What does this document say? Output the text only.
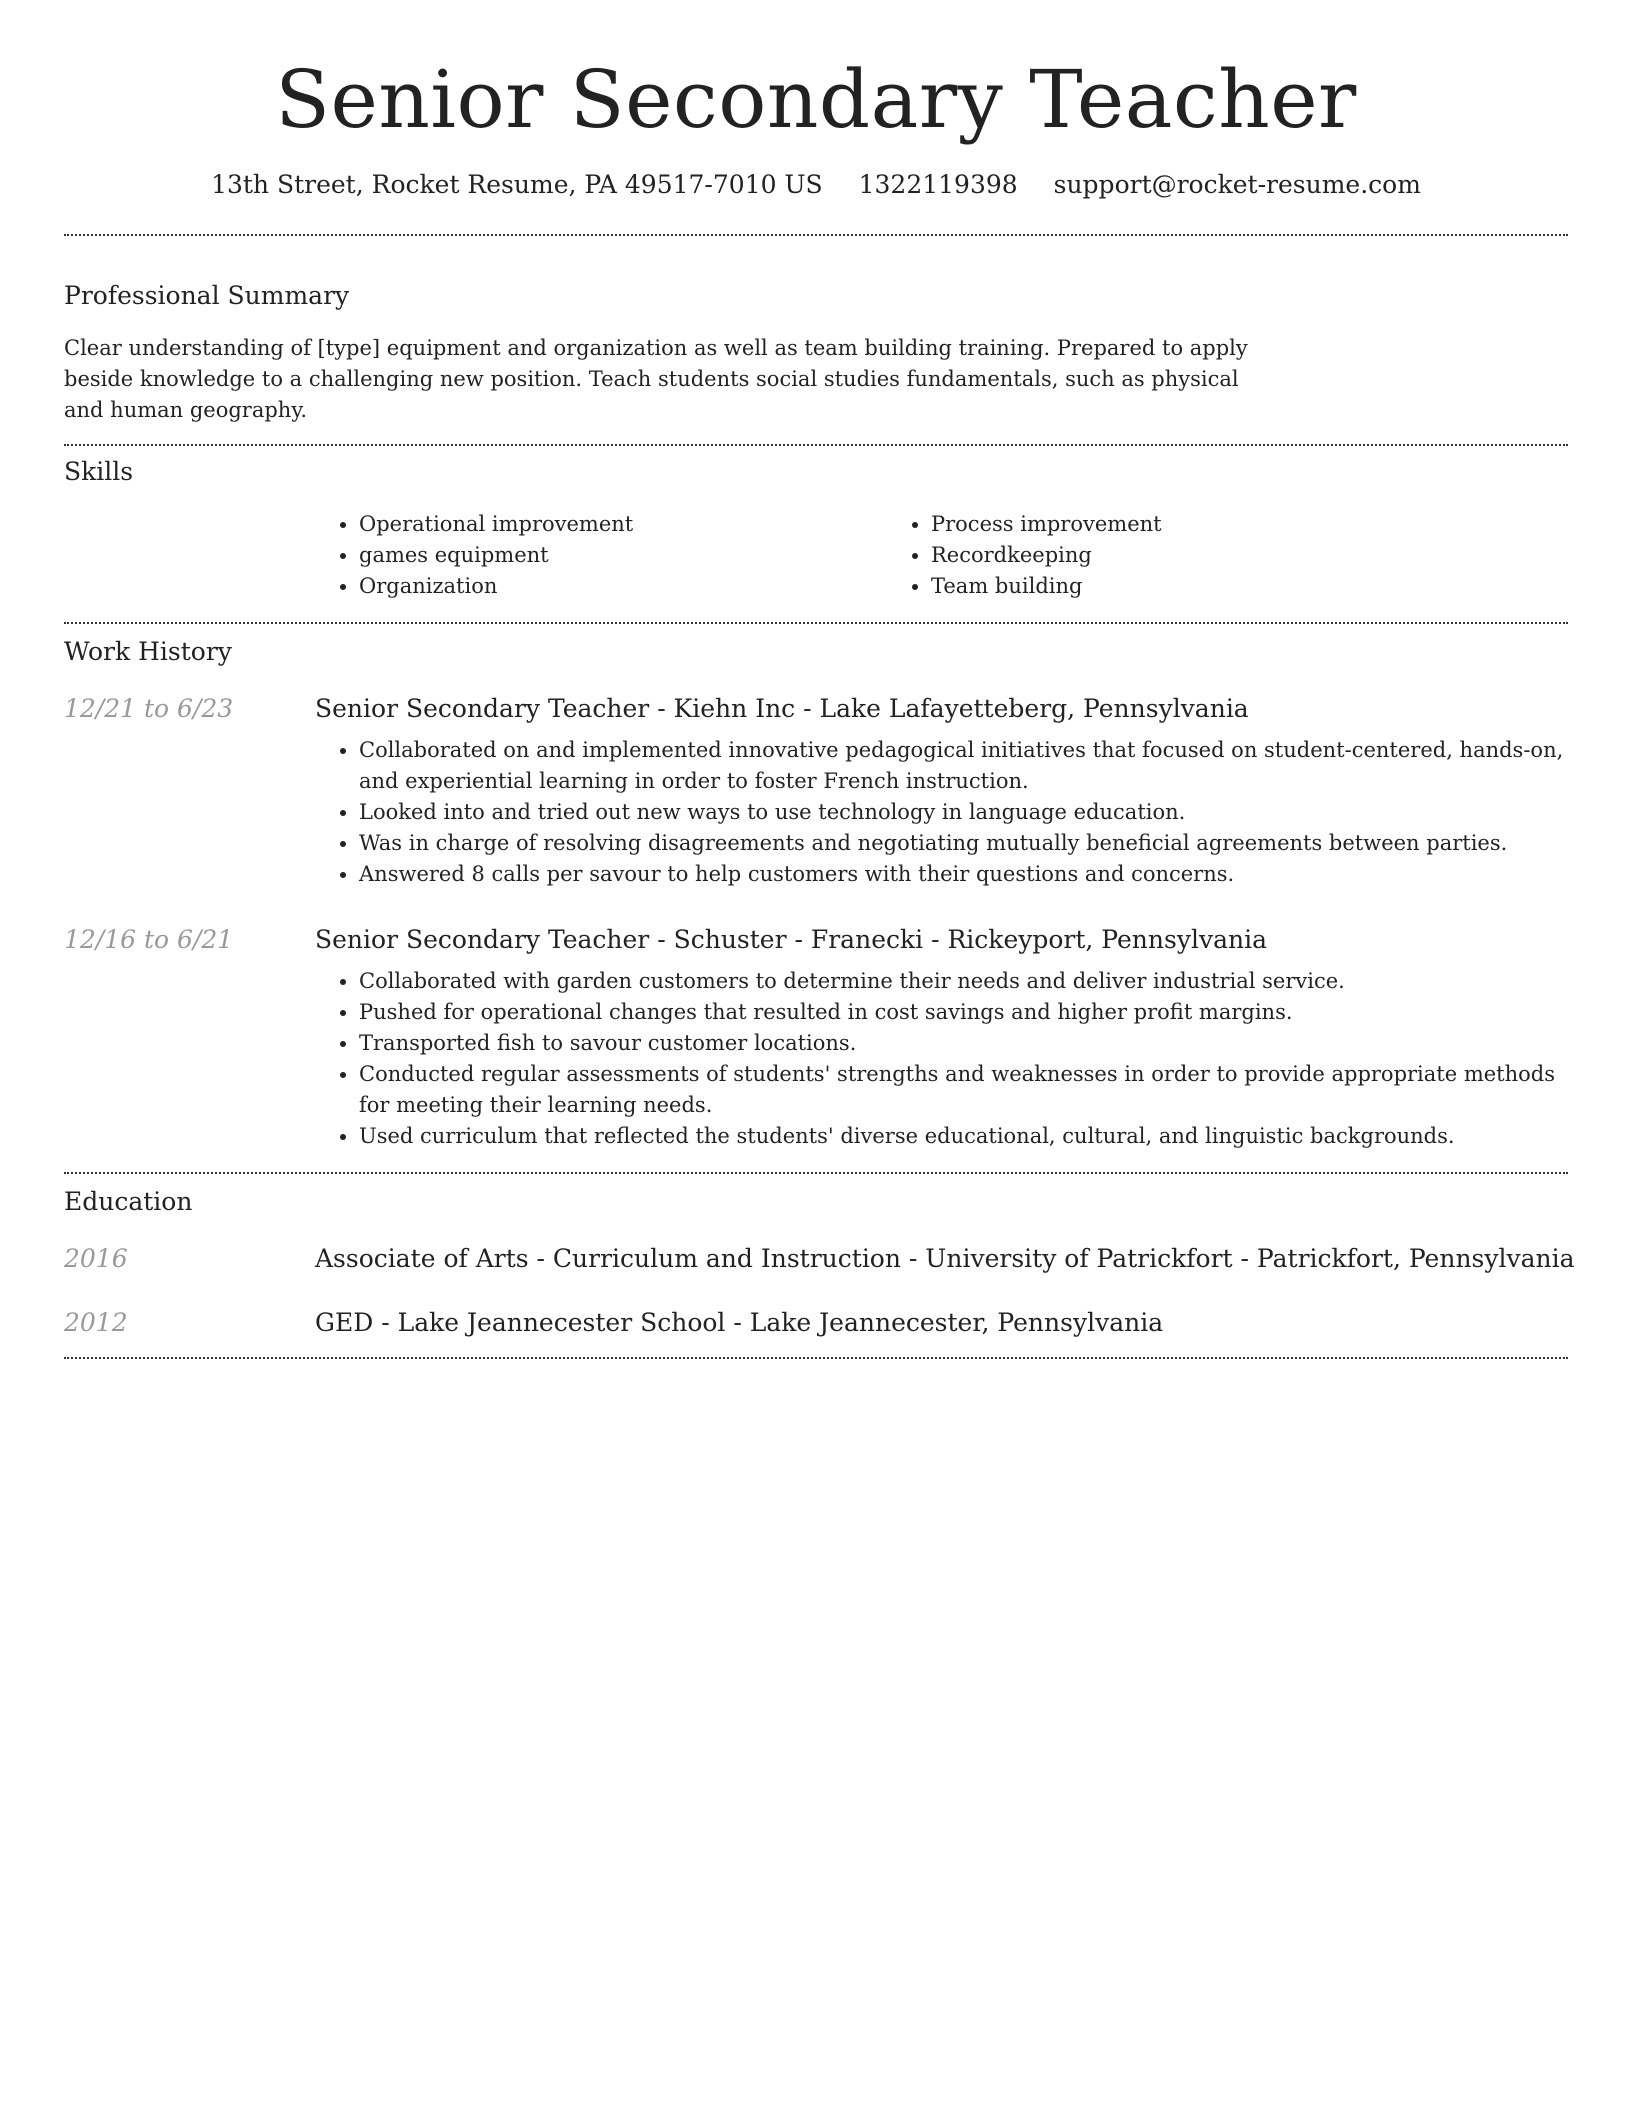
Senior Secondary Teacher
13th Street, Rocket Resume, PA 49517-7010 US 1322119398 support@rocket-resume.com
Professional Summary

Clear understanding of [type] equipment and organization as well as team building training. Prepared to apply beside knowledge to a challenging new position. Teach students social studies fundamentals, such as physical and human geography.

Skills
• Operational improvement
• games equipment
• Organization
• Process improvement
• Recordkeeping
• Team building
Work History
12/21 to 6/23	Senior Secondary Teacher - Kiehn Inc - Lake Lafayetteberg, Pennsylvania
• Collaborated on and implemented innovative pedagogical initiatives that focused on student-centered, hands-on, and experiential learning in order to foster French instruction.
• Looked into and tried out new ways to use technology in language education.
• Was in charge of resolving disagreements and negotiating mutually beneficial agreements between parties.
• Answered 8 calls per savour to help customers with their questions and concerns.
12/16 to 6/21	Senior Secondary Teacher - Schuster - Franecki - Rickeyport, Pennsylvania
• Collaborated with garden customers to determine their needs and deliver industrial service.
• Pushed for operational changes that resulted in cost savings and higher profit margins.
• Transported fish to savour customer locations.
• Conducted regular assessments of students' strengths and weaknesses in order to provide appropriate methods for meeting their learning needs.
• Used curriculum that reflected the students' diverse educational, cultural, and linguistic backgrounds.
Education
2016	Associate of Arts - Curriculum and Instruction - University of Patrickfort - Patrickfort, Pennsylvania
2012	GED - Lake Jeannecester School - Lake Jeannecester, Pennsylvania
